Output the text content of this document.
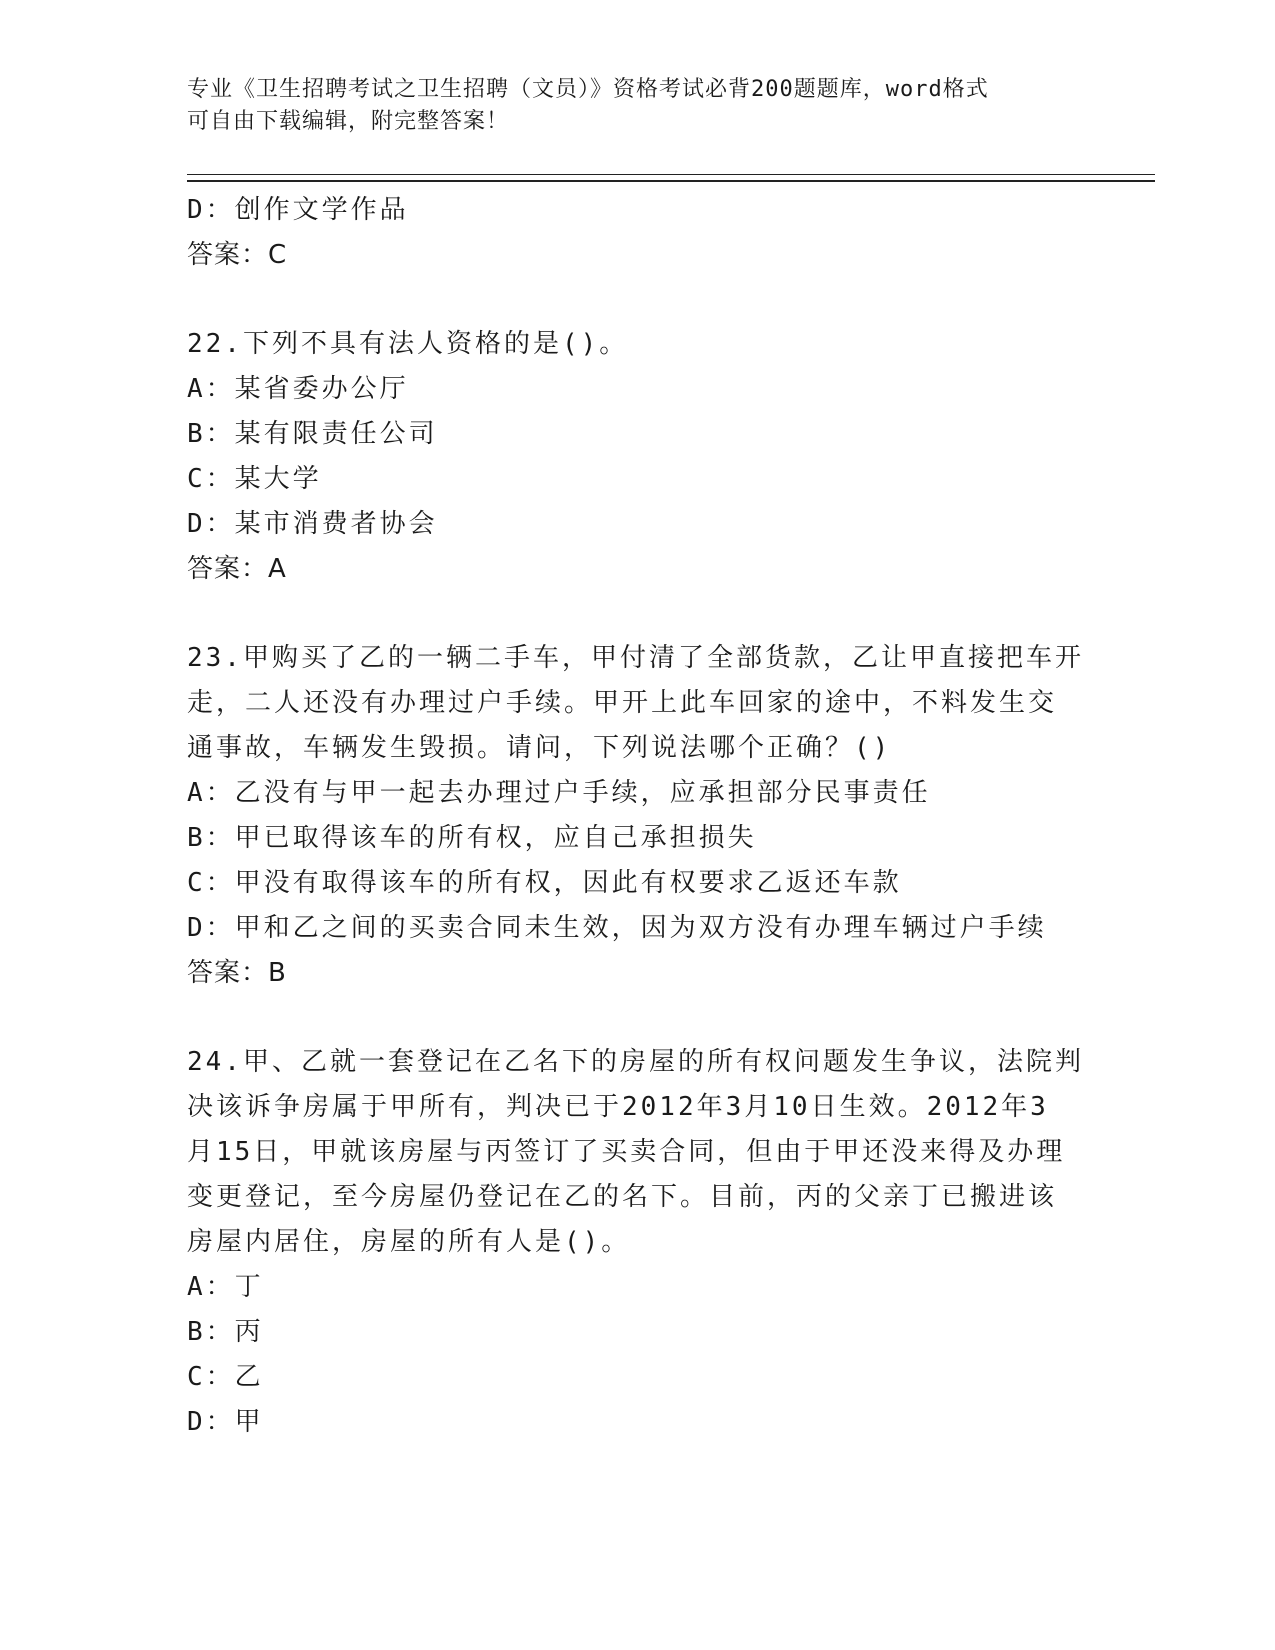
专业《卫生招聘考试之卫生招聘（文员）》资格考试必背200题题库，word格式
可自由下载编辑，附完整答案！
D：创作文学作品
答案：C
22.下列不具有法人资格的是()。
A：某省委办公厅
B：某有限责任公司
C：某大学
D：某市消费者协会
答案：A
23.甲购买了乙的一辆二手车，甲付清了全部货款，乙让甲直接把车开
走，二人还没有办理过户手续。甲开上此车回家的途中，不料发生交
通事故，车辆发生毁损。请问，下列说法哪个正确？()
A：乙没有与甲一起去办理过户手续，应承担部分民事责任
B：甲已取得该车的所有权，应自己承担损失
C：甲没有取得该车的所有权，因此有权要求乙返还车款
D：甲和乙之间的买卖合同未生效，因为双方没有办理车辆过户手续
答案：B
24.甲、乙就一套登记在乙名下的房屋的所有权问题发生争议，法院判
决该诉争房属于甲所有，判决已于2012年3月10日生效。2012年3
月15日，甲就该房屋与丙签订了买卖合同，但由于甲还没来得及办理
变更登记，至今房屋仍登记在乙的名下。目前，丙的父亲丁已搬进该
房屋内居住，房屋的所有人是()。
A：丁
B：丙
C：乙
D：甲
